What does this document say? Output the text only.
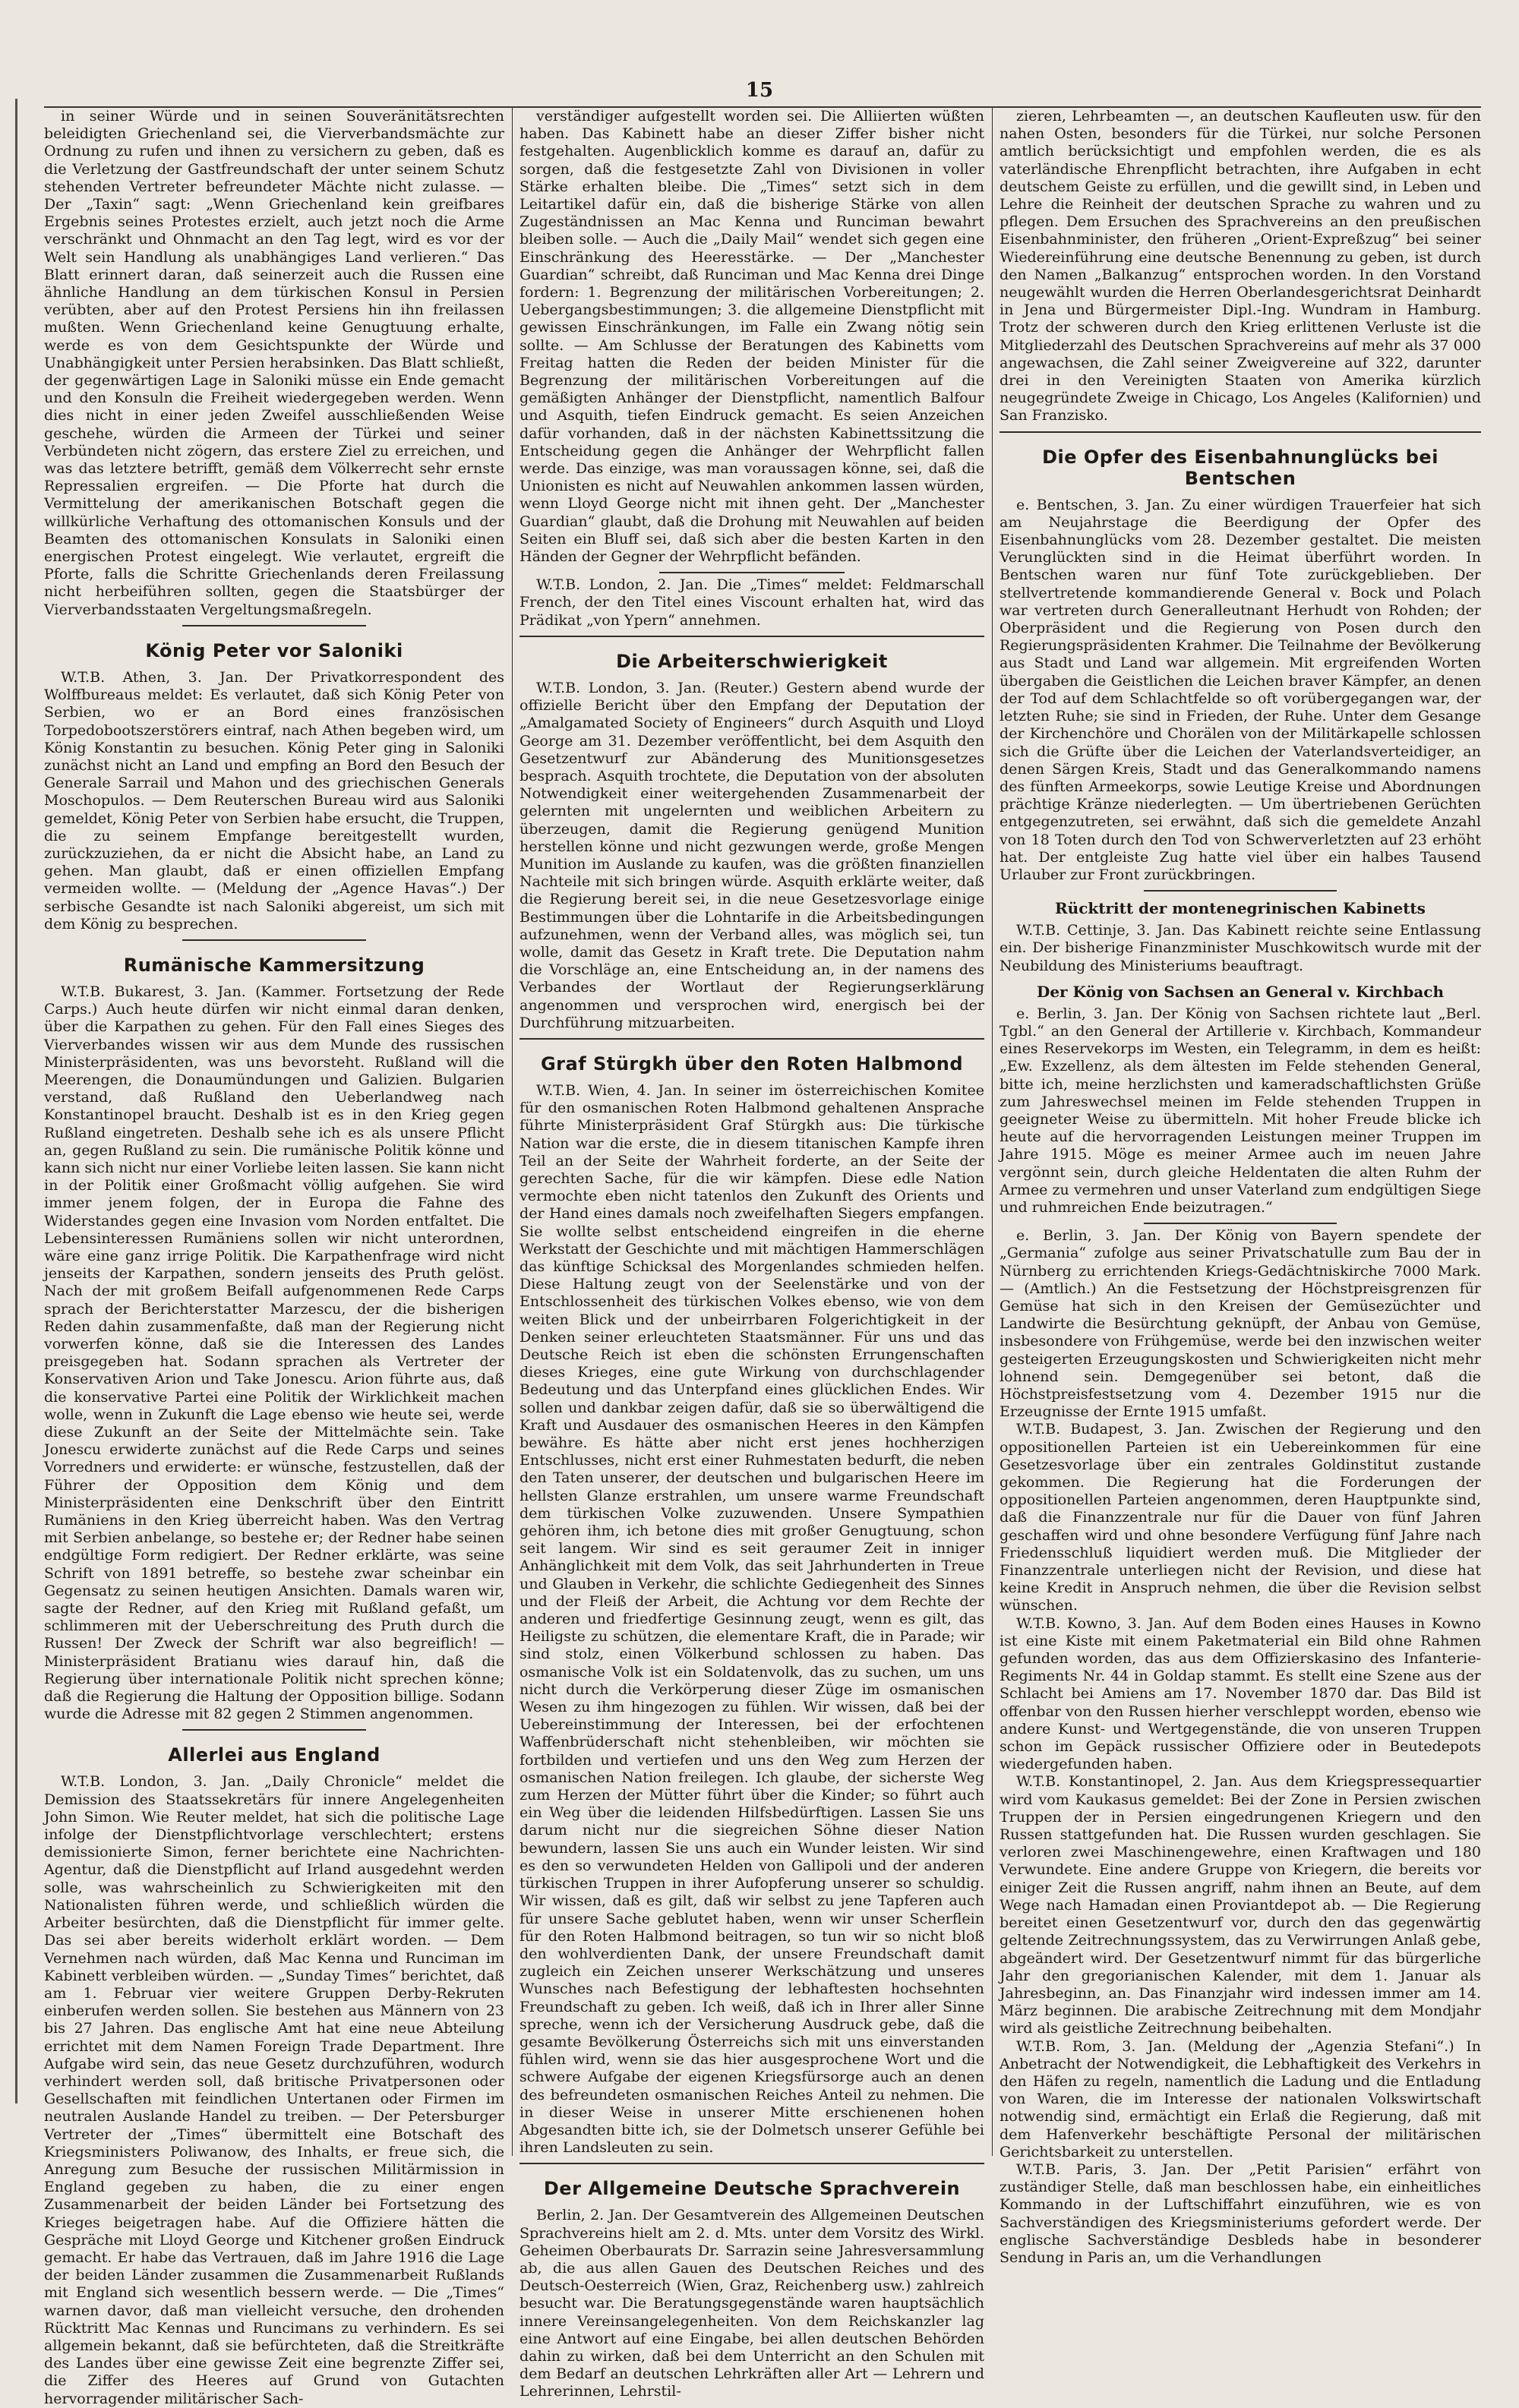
15

in seiner Würde und in seinen Souveränitätsrechten beleidigten Griechenland sei, die Vierverbandsmächte zur Ordnung zu rufen und ihnen zu versichern zu geben, daß es die Verletzung der Gastfreundschaft der unter seinem Schutz stehenden Vertreter befreundeter Mächte nicht zulasse. — Der „Taxin“ sagt: „Wenn Griechenland kein greifbares Ergebnis seines Protestes erzielt, auch jetzt noch die Arme verschränkt und Ohnmacht an den Tag legt, wird es vor der Welt sein Handlung als unabhängiges Land verlieren.“ Das Blatt erinnert daran, daß seinerzeit auch die Russen eine ähnliche Handlung an dem türkischen Konsul in Persien verübten, aber auf den Protest Persiens hin ihn freilassen mußten. Wenn Griechenland keine Genugtuung erhalte, werde es von dem Gesichtspunkte der Würde und Unabhängigkeit unter Persien herabsinken. Das Blatt schließt, der gegenwärtigen Lage in Saloniki müsse ein Ende gemacht und den Konsuln die Freiheit wiedergegeben werden. Wenn dies nicht in einer jeden Zweifel ausschließenden Weise geschehe, würden die Armeen der Türkei und seiner Verbündeten nicht zögern, das erstere Ziel zu erreichen, und was das letztere betrifft, gemäß dem Völkerrecht sehr ernste Repressalien ergreifen. — Die Pforte hat durch die Vermittelung der amerikanischen Botschaft gegen die willkürliche Verhaftung des ottomanischen Konsuls und der Beamten des ottomanischen Konsulats in Saloniki einen energischen Protest eingelegt. Wie verlautet, ergreift die Pforte, falls die Schritte Griechenlands deren Freilassung nicht herbeiführen sollten, gegen die Staatsbürger der Vierverbandsstaaten Vergeltungsmaßregeln.

König Peter vor Saloniki

W.T.B. Athen, 3. Jan. Der Privatkorrespondent des Wolffbureaus meldet: Es verlautet, daß sich König Peter von Serbien, wo er an Bord eines französischen Torpedobootszerstörers eintraf, nach Athen begeben wird, um König Konstantin zu besuchen. König Peter ging in Saloniki zunächst nicht an Land und empfing an Bord den Besuch der Generale Sarrail und Mahon und des griechischen Generals Moschopulos. — Dem Reuterschen Bureau wird aus Saloniki gemeldet, König Peter von Serbien habe ersucht, die Truppen, die zu seinem Empfange bereitgestellt wurden, zurückzuziehen, da er nicht die Absicht habe, an Land zu gehen. Man glaubt, daß er einen offiziellen Empfang vermeiden wollte. — (Meldung der „Agence Havas“.) Der serbische Gesandte ist nach Saloniki abgereist, um sich mit dem König zu besprechen.

Rumänische Kammersitzung

W.T.B. Bukarest, 3. Jan. (Kammer. Fortsetzung der Rede Carps.) Auch heute dürfen wir nicht einmal daran denken, über die Karpathen zu gehen. Für den Fall eines Sieges des Vierverbandes wissen wir aus dem Munde des russischen Ministerpräsidenten, was uns bevorsteht. Rußland will die Meerengen, die Donaumündungen und Galizien. Bulgarien verstand, daß Rußland den Ueberlandweg nach Konstantinopel braucht. Deshalb ist es in den Krieg gegen Rußland eingetreten. Deshalb sehe ich es als unsere Pflicht an, gegen Rußland zu sein. Die rumänische Politik könne und kann sich nicht nur einer Vorliebe leiten lassen. Sie kann nicht in der Politik einer Großmacht völlig aufgehen. Sie wird immer jenem folgen, der in Europa die Fahne des Widerstandes gegen eine Invasion vom Norden entfaltet. Die Lebensinteressen Rumäniens sollen wir nicht unterordnen, wäre eine ganz irrige Politik. Die Karpathenfrage wird nicht jenseits der Karpathen, sondern jenseits des Pruth gelöst. Nach der mit großem Beifall aufgenommenen Rede Carps sprach der Berichterstatter Marzescu, der die bisherigen Reden dahin zusammenfaßte, daß man der Regierung nicht vorwerfen könne, daß sie die Interessen des Landes preisgegeben hat. Sodann sprachen als Vertreter der Konservativen Arion und Take Jonescu. Arion führte aus, daß die konservative Partei eine Politik der Wirklichkeit machen wolle, wenn in Zukunft die Lage ebenso wie heute sei, werde diese Zukunft an der Seite der Mittelmächte sein. Take Jonescu erwiderte zunächst auf die Rede Carps und seines Vorredners und erwiderte: er wünsche, festzustellen, daß der Führer der Opposition dem König und dem Ministerpräsidenten eine Denkschrift über den Eintritt Rumäniens in den Krieg überreicht haben. Was den Vertrag mit Serbien anbelange, so bestehe er; der Redner habe seinen endgültige Form redigiert. Der Redner erklärte, was seine Schrift von 1891 betreffe, so bestehe zwar scheinbar ein Gegensatz zu seinen heutigen Ansichten. Damals waren wir, sagte der Redner, auf den Krieg mit Rußland gefaßt, um schlimmeren mit der Ueberschreitung des Pruth durch die Russen! Der Zweck der Schrift war also begreiflich! — Ministerpräsident Bratianu wies darauf hin, daß die Regierung über internationale Politik nicht sprechen könne; daß die Regierung die Haltung der Opposition billige. Sodann wurde die Adresse mit 82 gegen 2 Stimmen angenommen.

Allerlei aus England

W.T.B. London, 3. Jan. „Daily Chronicle“ meldet die Demission des Staatssekretärs für innere Angelegenheiten John Simon. Wie Reuter meldet, hat sich die politische Lage infolge der Dienstpflichtvorlage verschlechtert; erstens demissionierte Simon, ferner berichtete eine Nachrichten-Agentur, daß die Dienstpflicht auf Irland ausgedehnt werden solle, was wahrscheinlich zu Schwierigkeiten mit den Nationalisten führen werde, und schließlich würden die Arbeiter besürchten, daß die Dienstpflicht für immer gelte. Das sei aber bereits widerholt erklärt worden. — Dem Vernehmen nach würden, daß Mac Kenna und Runciman im Kabinett verbleiben würden. — „Sunday Times“ berichtet, daß am 1. Februar vier weitere Gruppen Derby-Rekruten einberufen werden sollen. Sie bestehen aus Männern von 23 bis 27 Jahren. Das englische Amt hat eine neue Abteilung errichtet mit dem Namen Foreign Trade Department. Ihre Aufgabe wird sein, das neue Gesetz durchzuführen, wodurch verhindert werden soll, daß britische Privatpersonen oder Gesellschaften mit feindlichen Untertanen oder Firmen im neutralen Auslande Handel zu treiben. — Der Petersburger Vertreter der „Times“ übermittelt eine Botschaft des Kriegsministers Poliwanow, des Inhalts, er freue sich, die Anregung zum Besuche der russischen Militärmission in England gegeben zu haben, die zu einer engen Zusammenarbeit der beiden Länder bei Fortsetzung des Krieges beigetragen habe. Auf die Offiziere hätten die Gespräche mit Lloyd George und Kitchener großen Eindruck gemacht. Er habe das Vertrauen, daß im Jahre 1916 die Lage der beiden Länder zusammen die Zusammenarbeit Rußlands mit England sich wesentlich bessern werde. — Die „Times“ warnen davor, daß man vielleicht versuche, den drohenden Rücktritt Mac Kennas und Runcimans zu verhindern. Es sei allgemein bekannt, daß sie befürchteten, daß die Streitkräfte des Landes über eine gewisse Zeit eine begrenzte Ziffer sei, die Ziffer des Heeres auf Grund von Gutachten hervorragender militärischer Sach-

verständiger aufgestellt worden sei. Die Alliierten wüßten haben. Das Kabinett habe an dieser Ziffer bisher nicht festgehalten. Augenblicklich komme es darauf an, dafür zu sorgen, daß die festgesetzte Zahl von Divisionen in voller Stärke erhalten bleibe. Die „Times“ setzt sich in dem Leitartikel dafür ein, daß die bisherige Stärke von allen Zugeständnissen an Mac Kenna und Runciman bewahrt bleiben solle. — Auch die „Daily Mail“ wendet sich gegen eine Einschränkung des Heeresstärke. — Der „Manchester Guardian“ schreibt, daß Runciman und Mac Kenna drei Dinge fordern: 1. Begrenzung der militärischen Vorbereitungen; 2. Uebergangsbestimmungen; 3. die allgemeine Dienstpflicht mit gewissen Einschränkungen, im Falle ein Zwang nötig sein sollte. — Am Schlusse der Beratungen des Kabinetts vom Freitag hatten die Reden der beiden Minister für die Begrenzung der militärischen Vorbereitungen auf die gemäßigten Anhänger der Dienstpflicht, namentlich Balfour und Asquith, tiefen Eindruck gemacht. Es seien Anzeichen dafür vorhanden, daß in der nächsten Kabinettssitzung die Entscheidung gegen die Anhänger der Wehrpflicht fallen werde. Das einzige, was man voraussagen könne, sei, daß die Unionisten es nicht auf Neuwahlen ankommen lassen würden, wenn Lloyd George nicht mit ihnen geht. Der „Manchester Guardian“ glaubt, daß die Drohung mit Neuwahlen auf beiden Seiten ein Bluff sei, daß sich aber die besten Karten in den Händen der Gegner der Wehrpflicht befänden.

W.T.B. London, 2. Jan. Die „Times“ meldet: Feldmarschall French, der den Titel eines Viscount erhalten hat, wird das Prädikat „von Ypern“ annehmen.

Die Arbeiterschwierigkeit

W.T.B. London, 3. Jan. (Reuter.) Gestern abend wurde der offizielle Bericht über den Empfang der Deputation der „Amalgamated Society of Engineers“ durch Asquith und Lloyd George am 31. Dezember veröffentlicht, bei dem Asquith den Gesetzentwurf zur Abänderung des Munitionsgesetzes besprach. Asquith trochtete, die Deputation von der absoluten Notwendigkeit einer weitergehenden Zusammenarbeit der gelernten mit ungelernten und weiblichen Arbeitern zu überzeugen, damit die Regierung genügend Munition herstellen könne und nicht gezwungen werde, große Mengen Munition im Auslande zu kaufen, was die größten finanziellen Nachteile mit sich bringen würde. Asquith erklärte weiter, daß die Regierung bereit sei, in die neue Gesetzesvorlage einige Bestimmungen über die Lohntarife in die Arbeitsbedingungen aufzunehmen, wenn der Verband alles, was möglich sei, tun wolle, damit das Gesetz in Kraft trete. Die Deputation nahm die Vorschläge an, eine Entscheidung an, in der namens des Verbandes der Wortlaut der Regierungserklärung angenommen und versprochen wird, energisch bei der Durchführung mitzuarbeiten.

Graf Stürgkh über den Roten Halbmond

W.T.B. Wien, 4. Jan. In seiner im österreichischen Komitee für den osmanischen Roten Halbmond gehaltenen Ansprache führte Ministerpräsident Graf Stürgkh aus: Die türkische Nation war die erste, die in diesem titanischen Kampfe ihren Teil an der Seite der Wahrheit forderte, an der Seite der gerechten Sache, für die wir kämpfen. Diese edle Nation vermochte eben nicht tatenlos den Zukunft des Orients und der Hand eines damals noch zweifelhaften Siegers empfangen. Sie wollte selbst entscheidend eingreifen in die eherne Werkstatt der Geschichte und mit mächtigen Hammerschlägen das künftige Schicksal des Morgenlandes schmieden helfen. Diese Haltung zeugt von der Seelenstärke und von der Entschlossenheit des türkischen Volkes ebenso, wie von dem weiten Blick und der unbeirrbaren Folgerichtigkeit in der Denken seiner erleuchteten Staatsmänner. Für uns und das Deutsche Reich ist eben die schönsten Errungenschaften dieses Krieges, eine gute Wirkung von durchschlagender Bedeutung und das Unterpfand eines glücklichen Endes. Wir sollen und dankbar zeigen dafür, daß sie so überwältigend die Kraft und Ausdauer des osmanischen Heeres in den Kämpfen bewähre. Es hätte aber nicht erst jenes hochherzigen Entschlusses, nicht erst einer Ruhmestaten bedurft, die neben den Taten unserer, der deutschen und bulgarischen Heere im hellsten Glanze erstrahlen, um unsere warme Freundschaft dem türkischen Volke zuzuwenden. Unsere Sympathien gehören ihm, ich betone dies mit großer Genugtuung, schon seit langem. Wir sind es seit geraumer Zeit in inniger Anhänglichkeit mit dem Volk, das seit Jahrhunderten in Treue und Glauben in Verkehr, die schlichte Gediegenheit des Sinnes und der Fleiß der Arbeit, die Achtung vor dem Rechte der anderen und friedfertige Gesinnung zeugt, wenn es gilt, das Heiligste zu schützen, die elementare Kraft, die in Parade; wir sind stolz, einen Völkerbund schlossen zu haben. Das osmanische Volk ist ein Soldatenvolk, das zu suchen, um uns nicht durch die Verkörperung dieser Züge im osmanischen Wesen zu ihm hingezogen zu fühlen. Wir wissen, daß bei der Uebereinstimmung der Interessen, bei der erfochtenen Waffenbrüderschaft nicht stehenbleiben, wir möchten sie fortbilden und vertiefen und uns den Weg zum Herzen der osmanischen Nation freilegen. Ich glaube, der sicherste Weg zum Herzen der Mütter führt über die Kinder; so führt auch ein Weg über die leidenden Hilfsbedürftigen. Lassen Sie uns darum nicht nur die siegreichen Söhne dieser Nation bewundern, lassen Sie uns auch ein Wunder leisten. Wir sind es den so verwundeten Helden von Gallipoli und der anderen türkischen Truppen in ihrer Aufopferung unserer so schuldig. Wir wissen, daß es gilt, daß wir selbst zu jene Tapferen auch für unsere Sache geblutet haben, wenn wir unser Scherflein für den Roten Halbmond beitragen, so tun wir so nicht bloß den wohlverdienten Dank, der unsere Freundschaft damit zugleich ein Zeichen unserer Werkschätzung und unseres Wunsches nach Befestigung der lebhaftesten hochsehnten Freundschaft zu geben. Ich weiß, daß ich in Ihrer aller Sinne spreche, wenn ich der Versicherung Ausdruck gebe, daß die gesamte Bevölkerung Österreichs sich mit uns einverstanden fühlen wird, wenn sie das hier ausgesprochene Wort und die schwere Aufgabe der eigenen Kriegsfürsorge auch an denen des befreundeten osmanischen Reiches Anteil zu nehmen. Die in dieser Weise in unserer Mitte erschienenen hohen Abgesandten bitte ich, sie der Dolmetsch unserer Gefühle bei ihren Landsleuten zu sein.

Der Allgemeine Deutsche Sprachverein

Berlin, 2. Jan. Der Gesamtverein des Allgemeinen Deutschen Sprachvereins hielt am 2. d. Mts. unter dem Vorsitz des Wirkl. Geheimen Oberbaurats Dr. Sarrazin seine Jahresversammlung ab, die aus allen Gauen des Deutschen Reiches und des Deutsch-Oesterreich (Wien, Graz, Reichenberg usw.) zahlreich besucht war. Die Beratungsgegenstände waren hauptsächlich innere Vereinsangelegenheiten. Von dem Reichskanzler lag eine Antwort auf eine Eingabe, bei allen deutschen Behörden dahin zu wirken, daß bei dem Unterricht an den Schulen mit dem Bedarf an deutschen Lehrkräften aller Art — Lehrern und Lehrerinnen, Lehrstil-

zieren, Lehrbeamten —, an deutschen Kaufleuten usw. für den nahen Osten, besonders für die Türkei, nur solche Personen amtlich berücksichtigt und empfohlen werden, die es als vaterländische Ehrenpflicht betrachten, ihre Aufgaben in echt deutschem Geiste zu erfüllen, und die gewillt sind, in Leben und Lehre die Reinheit der deutschen Sprache zu wahren und zu pflegen. Dem Ersuchen des Sprachvereins an den preußischen Eisenbahnminister, den früheren „Orient-Expreßzug“ bei seiner Wiedereinführung eine deutsche Benennung zu geben, ist durch den Namen „Balkanzug“ entsprochen worden. In den Vorstand neugewählt wurden die Herren Oberlandesgerichtsrat Deinhardt in Jena und Bürgermeister Dipl.-Ing. Wundram in Hamburg. Trotz der schweren durch den Krieg erlittenen Verluste ist die Mitgliederzahl des Deutschen Sprachvereins auf mehr als 37 000 angewachsen, die Zahl seiner Zweigvereine auf 322, darunter drei in den Vereinigten Staaten von Amerika kürzlich neugegründete Zweige in Chicago, Los Angeles (Kalifornien) und San Franzisko.

Die Opfer des Eisenbahnunglücks bei Bentschen

e. Bentschen, 3. Jan. Zu einer würdigen Trauerfeier hat sich am Neujahrstage die Beerdigung der Opfer des Eisenbahnunglücks vom 28. Dezember gestaltet. Die meisten Verunglückten sind in die Heimat überführt worden. In Bentschen waren nur fünf Tote zurückgeblieben. Der stellvertretende kommandierende General v. Bock und Polach war vertreten durch Generalleutnant Herhudt von Rohden; der Oberpräsident und die Regierung von Posen durch den Regierungspräsidenten Krahmer. Die Teilnahme der Bevölkerung aus Stadt und Land war allgemein. Mit ergreifenden Worten übergaben die Geistlichen die Leichen braver Kämpfer, an denen der Tod auf dem Schlachtfelde so oft vorübergegangen war, der letzten Ruhe; sie sind in Frieden, der Ruhe. Unter dem Gesange der Kirchenchöre und Chorälen von der Militärkapelle schlossen sich die Grüfte über die Leichen der Vaterlandsverteidiger, an denen Särgen Kreis, Stadt und das Generalkommando namens des fünften Armeekorps, sowie Leutige Kreise und Abordnungen prächtige Kränze niederlegten. — Um übertriebenen Gerüchten entgegenzutreten, sei erwähnt, daß sich die gemeldete Anzahl von 18 Toten durch den Tod von Schwerverletzten auf 23 erhöht hat. Der entgleiste Zug hatte viel über ein halbes Tausend Urlauber zur Front zurückbringen.

Rücktritt der montenegrinischen Kabinetts

W.T.B. Cettinje, 3. Jan. Das Kabinett reichte seine Entlassung ein. Der bisherige Finanzminister Muschkowitsch wurde mit der Neubildung des Ministeriums beauftragt.

Der König von Sachsen an General v. Kirchbach

e. Berlin, 3. Jan. Der König von Sachsen richtete laut „Berl. Tgbl.“ an den General der Artillerie v. Kirchbach, Kommandeur eines Reservekorps im Westen, ein Telegramm, in dem es heißt: „Ew. Exzellenz, als dem ältesten im Felde stehenden General, bitte ich, meine herzlichsten und kameradschaftlichsten Grüße zum Jahreswechsel meinen im Felde stehenden Truppen in geeigneter Weise zu übermitteln. Mit hoher Freude blicke ich heute auf die hervorragenden Leistungen meiner Truppen im Jahre 1915. Möge es meiner Armee auch im neuen Jahre vergönnt sein, durch gleiche Heldentaten die alten Ruhm der Armee zu vermehren und unser Vaterland zum endgültigen Siege und ruhmreichen Ende beizutragen.“

e. Berlin, 3. Jan. Der König von Bayern spendete der „Germania“ zufolge aus seiner Privatschatulle zum Bau der in Nürnberg zu errichtenden Kriegs-Gedächtniskirche 7000 Mark. — (Amtlich.) An die Festsetzung der Höchstpreisgrenzen für Gemüse hat sich in den Kreisen der Gemüsezüchter und Landwirte die Besürchtung geknüpft, der Anbau von Gemüse, insbesondere von Frühgemüse, werde bei den inzwischen weiter gesteigerten Erzeugungskosten und Schwierigkeiten nicht mehr lohnend sein. Demgegenüber sei betont, daß die Höchstpreisfestsetzung vom 4. Dezember 1915 nur die Erzeugnisse der Ernte 1915 umfaßt.

W.T.B. Budapest, 3. Jan. Zwischen der Regierung und den oppositionellen Parteien ist ein Uebereinkommen für eine Gesetzesvorlage über ein zentrales Goldinstitut zustande gekommen. Die Regierung hat die Forderungen der oppositionellen Parteien angenommen, deren Hauptpunkte sind, daß die Finanzzentrale nur für die Dauer von fünf Jahren geschaffen wird und ohne besondere Verfügung fünf Jahre nach Friedensschluß liquidiert werden muß. Die Mitglieder der Finanzzentrale unterliegen nicht der Revision, und diese hat keine Kredit in Anspruch nehmen, die über die Revision selbst wünschen.

W.T.B. Kowno, 3. Jan. Auf dem Boden eines Hauses in Kowno ist eine Kiste mit einem Paketmaterial ein Bild ohne Rahmen gefunden worden, das aus dem Offizierskasino des Infanterie-Regiments Nr. 44 in Goldap stammt. Es stellt eine Szene aus der Schlacht bei Amiens am 17. November 1870 dar. Das Bild ist offenbar von den Russen hierher verschleppt worden, ebenso wie andere Kunst- und Wertgegenstände, die von unseren Truppen schon im Gepäck russischer Offiziere oder in Beutedepots wiedergefunden haben.

W.T.B. Konstantinopel, 2. Jan. Aus dem Kriegspressequartier wird vom Kaukasus gemeldet: Bei der Zone in Persien zwischen Truppen der in Persien eingedrungenen Kriegern und den Russen stattgefunden hat. Die Russen wurden geschlagen. Sie verloren zwei Maschinengewehre, einen Kraftwagen und 180 Verwundete. Eine andere Gruppe von Kriegern, die bereits vor einiger Zeit die Russen angriff, nahm ihnen an Beute, auf dem Wege nach Hamadan einen Proviantdepot ab. — Die Regierung bereitet einen Gesetzentwurf vor, durch den das gegenwärtig geltende Zeitrechnungssystem, das zu Verwirrungen Anlaß gebe, abgeändert wird. Der Gesetzentwurf nimmt für das bürgerliche Jahr den gregorianischen Kalender, mit dem 1. Januar als Jahresbeginn, an. Das Finanzjahr wird indessen immer am 14. März beginnen. Die arabische Zeitrechnung mit dem Mondjahr wird als geistliche Zeitrechnung beibehalten.

W.T.B. Rom, 3. Jan. (Meldung der „Agenzia Stefani“.) In Anbetracht der Notwendigkeit, die Lebhaftigkeit des Verkehrs in den Häfen zu regeln, namentlich die Ladung und die Entladung von Waren, die im Interesse der nationalen Volkswirtschaft notwendig sind, ermächtigt ein Erlaß die Regierung, daß mit dem Hafenverkehr beschäftigte Personal der militärischen Gerichtsbarkeit zu unterstellen.

W.T.B. Paris, 3. Jan. Der „Petit Parisien“ erfährt von zuständiger Stelle, daß man beschlossen habe, ein einheitliches Kommando in der Luftschiffahrt einzuführen, wie es von Sachverständigen des Kriegsministeriums gefordert werde. Der englische Sachverständige Desbleds habe in besonderer Sendung in Paris an, um die Verhandlungen
